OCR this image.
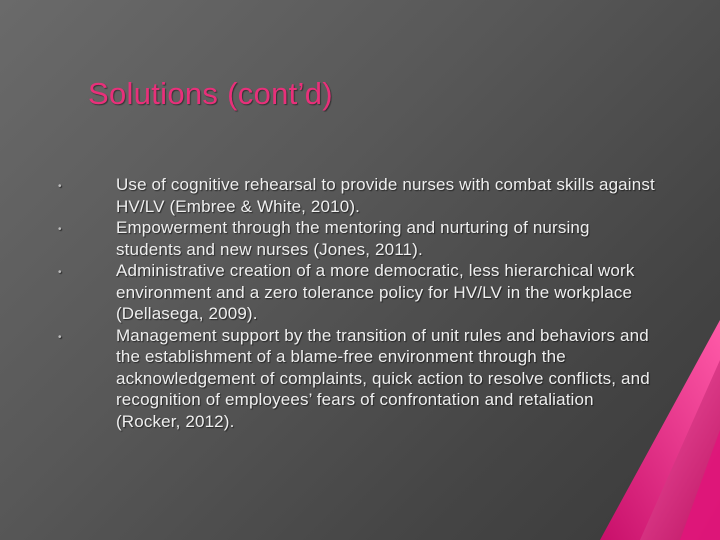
Solutions (cont’d)
•	Use of cognitive rehearsal to provide nurses with combat skills against HV/LV (Embree & White, 2010).
•	Empowerment through the mentoring and nurturing of nursing students and new nurses (Jones, 2011).
•	Administrative creation of a more democratic, less hierarchical work environment and a zero tolerance policy for HV/LV in the workplace (Dellasega, 2009).
•	Management support by the transition of unit rules and behaviors and the establishment of a blame-free environment through the acknowledgement of complaints, quick action to resolve conflicts, and recognition of employees’ fears of confrontation and retaliation (Rocker, 2012).
